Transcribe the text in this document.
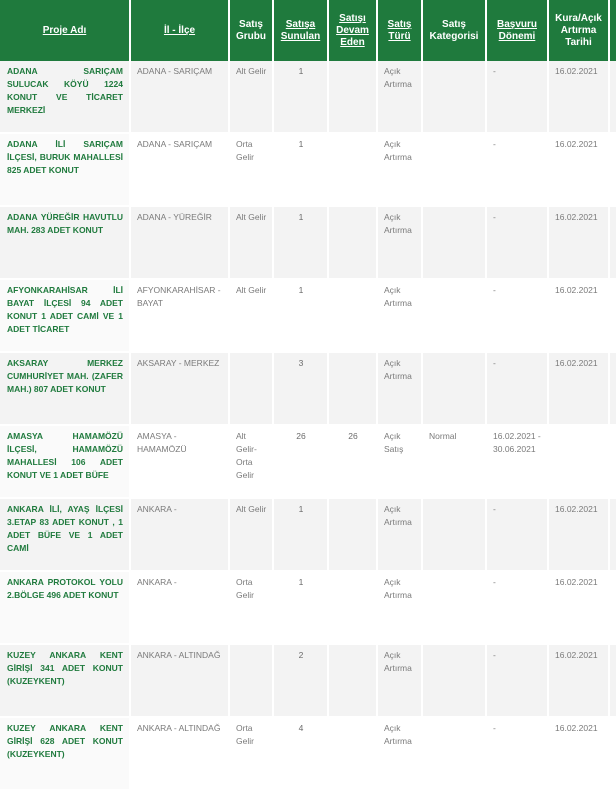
Proje Adı	İl - İlçe	Satış Grubu	Satışa Sunulan	Satışı Devam Eden	Satış Türü	Satış Kategorisi	Başvuru Dönemi	Kura/Açık Artırma Tarihi	
ADANA SARIÇAM SULUCAK KÖYÜ 1224 KONUT VE TİCARET MERKEZİ	ADANA - SARIÇAM	Alt Gelir	1		Açık Artırma		-	16.02.2021	
ADANA İLİ SARIÇAM İLÇESİ, BURUK MAHALLESİ 825 ADET KONUT	ADANA - SARIÇAM	Orta Gelir	1		Açık Artırma		-	16.02.2021	
ADANA YÜREĞİR HAVUTLU MAH. 283 ADET KONUT	ADANA - YÜREĞİR	Alt Gelir	1		Açık Artırma		-	16.02.2021	
AFYONKARAHİSAR İLİ BAYAT İLÇESİ 94 ADET KONUT 1 ADET CAMİ VE 1 ADET TİCARET	AFYONKARAHİSAR - BAYAT	Alt Gelir	1		Açık Artırma		-	16.02.2021	
AKSARAY MERKEZ CUMHURİYET MAH. (ZAFER MAH.) 807 ADET KONUT	AKSARAY - MERKEZ		3		Açık Artırma		-	16.02.2021	
AMASYA HAMAMÖZÜ İLÇESİ, HAMAMÖZÜ MAHALLESİ 106 ADET KONUT VE 1 ADET BÜFE	AMASYA - HAMAMÖZÜ	Alt Gelir-Orta Gelir	26	26	Açık Satış	Normal	16.02.2021 - 30.06.2021		
ANKARA İLİ, AYAŞ İLÇESİ 3.ETAP 83 ADET KONUT , 1 ADET BÜFE VE 1 ADET CAMİ	ANKARA -	Alt Gelir	1		Açık Artırma		-	16.02.2021	
ANKARA PROTOKOL YOLU 2.BÖLGE 496 ADET KONUT	ANKARA -	Orta Gelir	1		Açık Artırma		-	16.02.2021	
KUZEY ANKARA KENT GİRİŞİ 341 ADET KONUT (KUZEYKENT)	ANKARA - ALTINDAĞ		2		Açık Artırma		-	16.02.2021	
KUZEY ANKARA KENT GİRİŞİ 628 ADET KONUT (KUZEYKENT)	ANKARA - ALTINDAĞ	Orta Gelir	4		Açık Artırma		-	16.02.2021	
